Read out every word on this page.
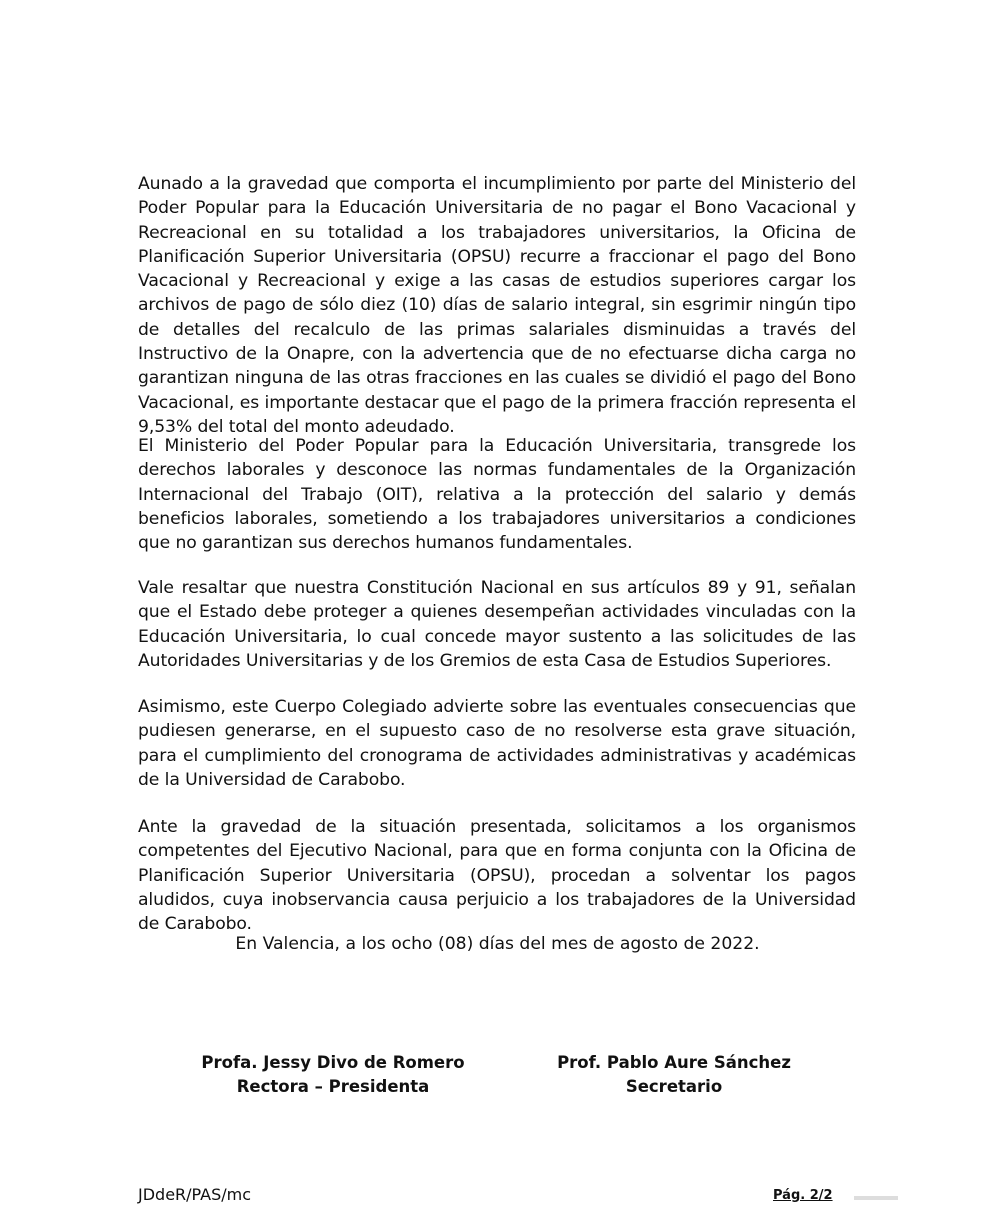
Aunado a la gravedad que comporta el incumplimiento por parte del Ministerio del Poder Popular para la Educación Universitaria de no pagar el Bono Vacacional y Recreacional en su totalidad a los trabajadores universitarios, la Oficina de Planificación Superior Universitaria (OPSU) recurre a fraccionar el pago del Bono Vacacional y Recreacional y exige a las casas de estudios superiores cargar los archivos de pago de sólo diez (10) días de salario integral, sin esgrimir ningún tipo de detalles del recalculo de las primas salariales disminuidas a través del Instructivo de la Onapre, con la advertencia que de no efectuarse dicha carga no garantizan ninguna de las otras fracciones en las cuales se dividió el pago del Bono Vacacional, es importante destacar que el pago de la primera fracción representa el 9,53% del total del monto adeudado.

El Ministerio del Poder Popular para la Educación Universitaria, transgrede los derechos laborales y desconoce las normas fundamentales de la Organización Internacional del Trabajo (OIT), relativa a la protección del salario y demás beneficios laborales, sometiendo a los trabajadores universitarios a condiciones que no garantizan sus derechos humanos fundamentales.

Vale resaltar que nuestra Constitución Nacional en sus artículos 89 y 91, señalan que el Estado debe proteger a quienes desempeñan actividades vinculadas con la Educación Universitaria, lo cual concede mayor sustento a las solicitudes de las Autoridades Universitarias y de los Gremios de esta Casa de Estudios Superiores.

Asimismo, este Cuerpo Colegiado advierte sobre las eventuales consecuencias que pudiesen generarse, en el supuesto caso de no resolverse esta grave situación, para el cumplimiento del cronograma de actividades administrativas y académicas de la Universidad de Carabobo.

Ante la gravedad de la situación presentada, solicitamos a los organismos competentes del Ejecutivo Nacional, para que en forma conjunta con la Oficina de Planificación Superior Universitaria (OPSU), procedan a solventar los pagos aludidos, cuya inobservancia causa perjuicio a los trabajadores de la Universidad de Carabobo.

En Valencia, a los ocho (08) días del mes de agosto de 2022.

Profa. Jessy Divo de Romero
Rectora – Presidenta
Prof. Pablo Aure Sánchez
Secretario
JDdeR/PAS/mc	Pág. 2/2
